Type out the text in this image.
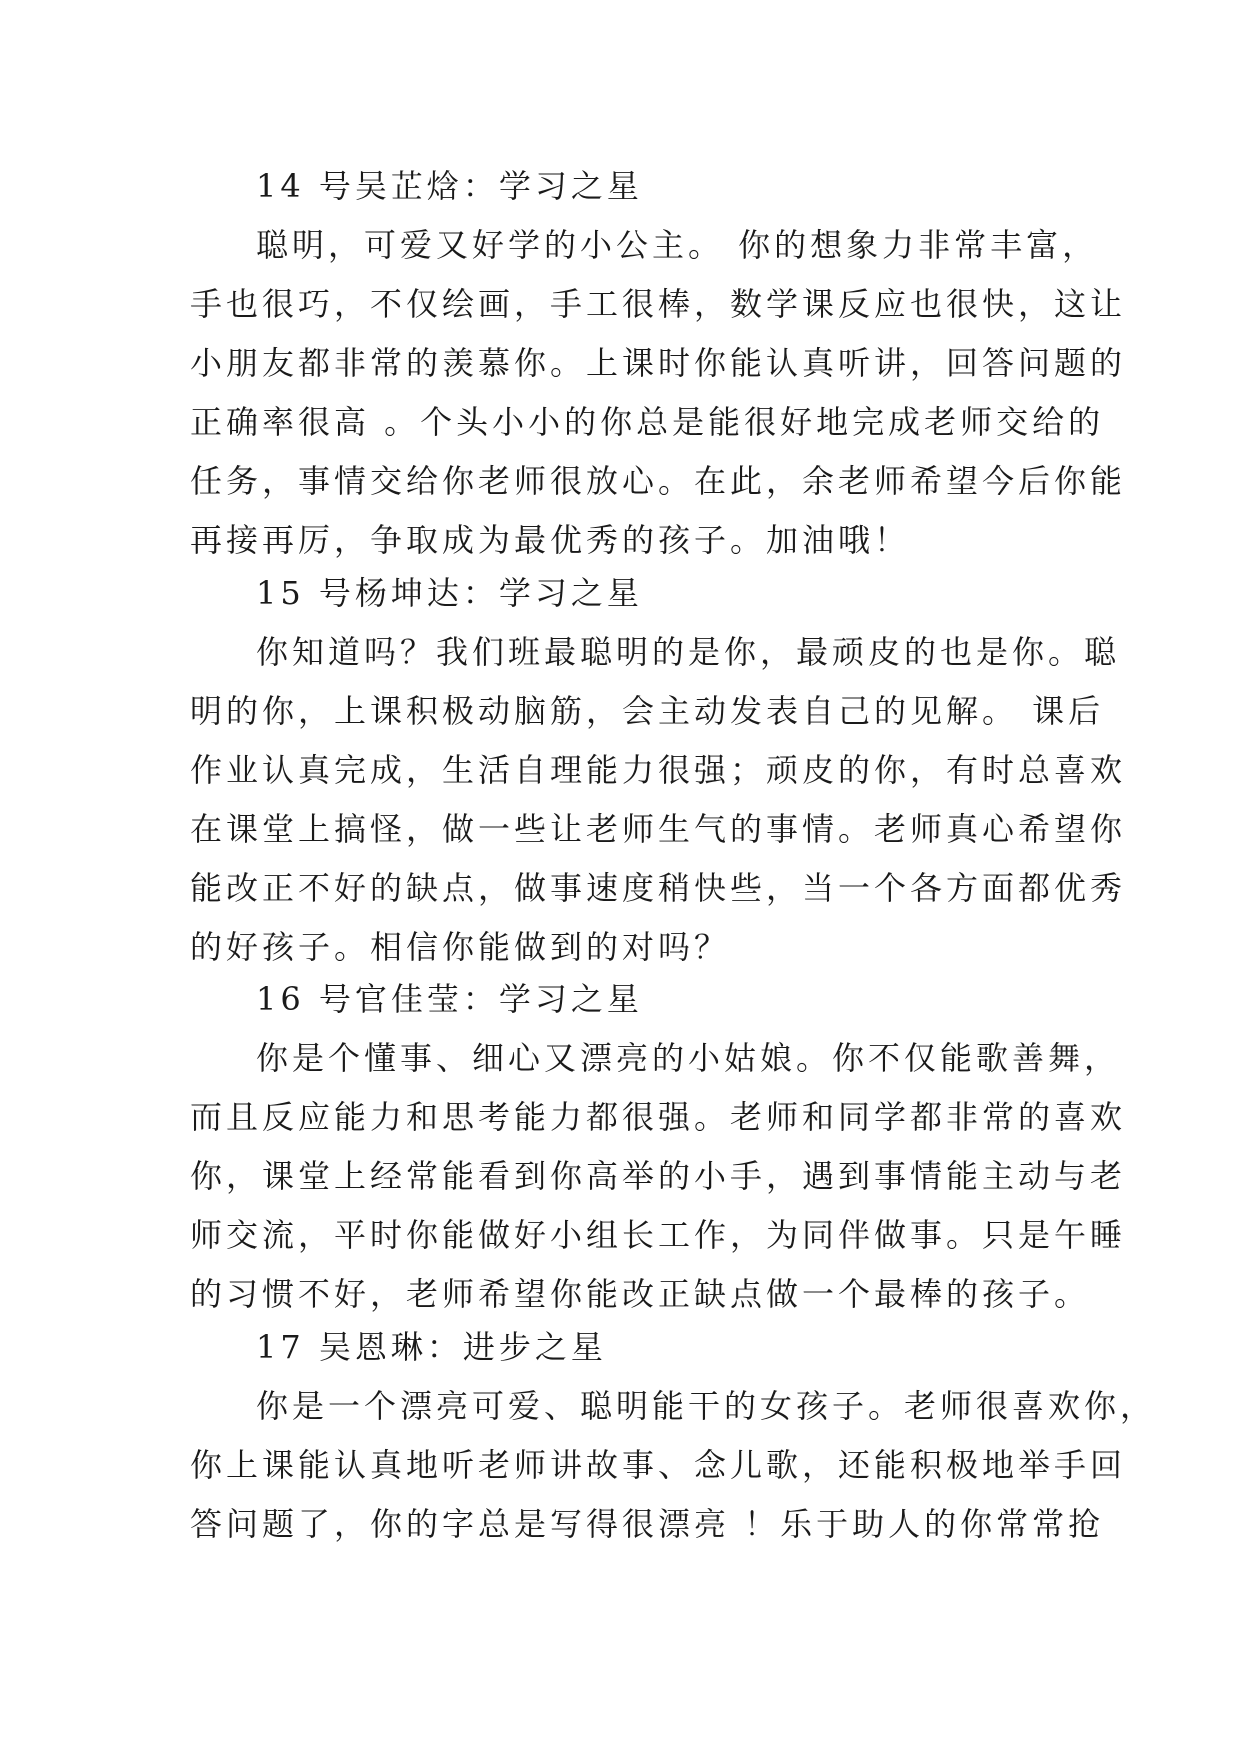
14 号吴芷焓：学习之星
聪明，可爱又好学的小公主。 你的想象力非常丰富，
手也很巧，不仅绘画，手工很棒，数学课反应也很快，这让
小朋友都非常的羡慕你。上课时你能认真听讲，回答问题的
正确率很高 。个头小小的你总是能很好地完成老师交给的
任务，事情交给你老师很放心。在此，余老师希望今后你能
再接再厉，争取成为最优秀的孩子。加油哦！
15 号杨坤达：学习之星
你知道吗？我们班最聪明的是你，最顽皮的也是你。聪
明的你，上课积极动脑筋，会主动发表自己的见解。 课后
作业认真完成，生活自理能力很强；顽皮的你，有时总喜欢
在课堂上搞怪，做一些让老师生气的事情。老师真心希望你
能改正不好的缺点，做事速度稍快些，当一个各方面都优秀
的好孩子。相信你能做到的对吗？
16 号官佳莹：学习之星
你是个懂事、细心又漂亮的小姑娘。你不仅能歌善舞，
而且反应能力和思考能力都很强。老师和同学都非常的喜欢
你，课堂上经常能看到你高举的小手，遇到事情能主动与老
师交流，平时你能做好小组长工作，为同伴做事。只是午睡
的习惯不好，老师希望你能改正缺点做一个最棒的孩子。
17 吴恩琳：进步之星
你是一个漂亮可爱、聪明能干的女孩子。老师很喜欢你，
你上课能认真地听老师讲故事、念儿歌，还能积极地举手回
答问题了，你的字总是写得很漂亮 ！乐于助人的你常常抢
